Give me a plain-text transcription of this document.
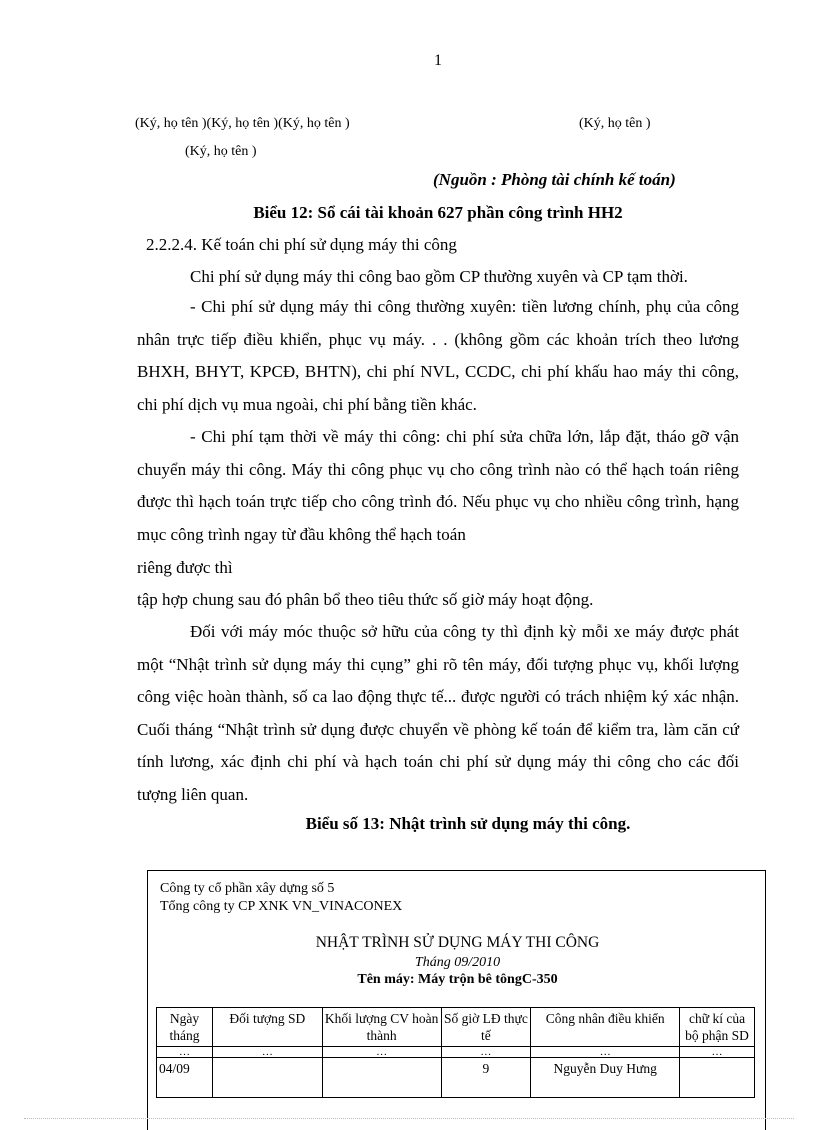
1
(Ký, họ tên )(Ký, họ tên )(Ký, họ tên )	(Ký, họ tên )
(Ký, họ tên )
(Nguồn : Phòng tài chính kế toán)
Biểu 12: Sổ cái tài khoản 627 phần công trình HH2
2.2.2.4. Kế toán chi phí sử dụng máy thi công
Chi phí sử dụng máy thi công bao gồm CP thường xuyên và CP tạm thời.
- Chi phí sử dụng máy thi công thường xuyên: tiền lương chính, phụ của công nhân trực tiếp điều khiển, phục vụ máy. . . (không gồm các khoản trích theo lương BHXH, BHYT, KPCĐ, BHTN), chi phí NVL, CCDC, chi phí khấu hao máy thi công, chi phí dịch vụ mua ngoài, chi phí bằng tiền khác.
- Chi phí tạm thời về máy thi công: chi phí sửa chữa lớn, lắp đặt, tháo gỡ vận chuyển máy thi công. Máy thi công phục vụ cho công trình nào có thể hạch toán riêng được thì hạch toán trực tiếp cho công trình đó. Nếu phục vụ cho nhiều công trình, hạng mục công trình ngay từ đầu không thể hạch toán
riêng được thì
tập hợp chung sau đó phân bổ theo tiêu thức số giờ máy hoạt động.
Đối với máy móc thuộc sở hữu của công ty thì định kỳ mỗi xe máy được phát một “Nhật trình sử dụng máy thi cụng” ghi rõ tên máy, đối tượng phục vụ, khối lượng công việc hoàn thành, số ca lao động thực tế... được người có trách nhiệm ký xác nhận. Cuối tháng “Nhật trình sử dụng được chuyển về phòng kế toán để kiểm tra, làm căn cứ tính lương, xác định chi phí và hạch toán chi phí sử dụng máy thi công cho các đối tượng liên quan.
Biểu số 13: Nhật trình sử dụng máy thi công.
Công ty cổ phần xây dựng số 5
Tổng công ty CP XNK VN_VINACONEX
NHẬT TRÌNH SỬ DỤNG MÁY THI CÔNG
Tháng 09/2010
Tên máy: Máy trộn bê tôngC-350
Ngày tháng	Đối tượng SD	Khối lượng CV hoàn thành	Số giờ LĐ thực tế	Công nhân điều khiển	chữ kí của bộ phận SD
…	…	…	…	…	…
04/09			9	Nguyễn Duy Hưng	
